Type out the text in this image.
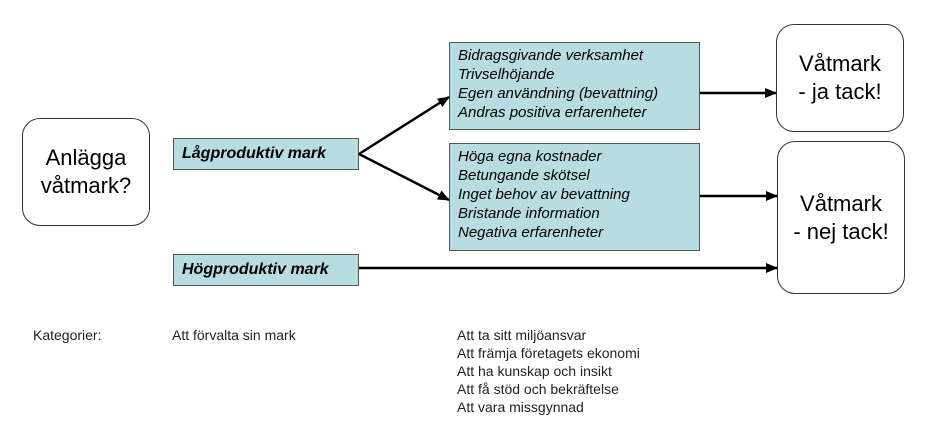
Anlägga
våtmark?
Lågproduktiv mark
Högproduktiv mark
Bidragsgivande verksamhet
Trivselhöjande
Egen användning (bevattning)
Andras positiva erfarenheter
Höga egna kostnader
Betungande skötsel
Inget behov av bevattning
Bristande information
Negativa erfarenheter
Våtmark
- ja tack!
Våtmark
- nej tack!
Kategorier:	Att förvalta sin mark	Att ta sitt miljöansvar
Att främja företagets ekonomi
Att ha kunskap och insikt
Att få stöd och bekräftelse
Att vara missgynnad
